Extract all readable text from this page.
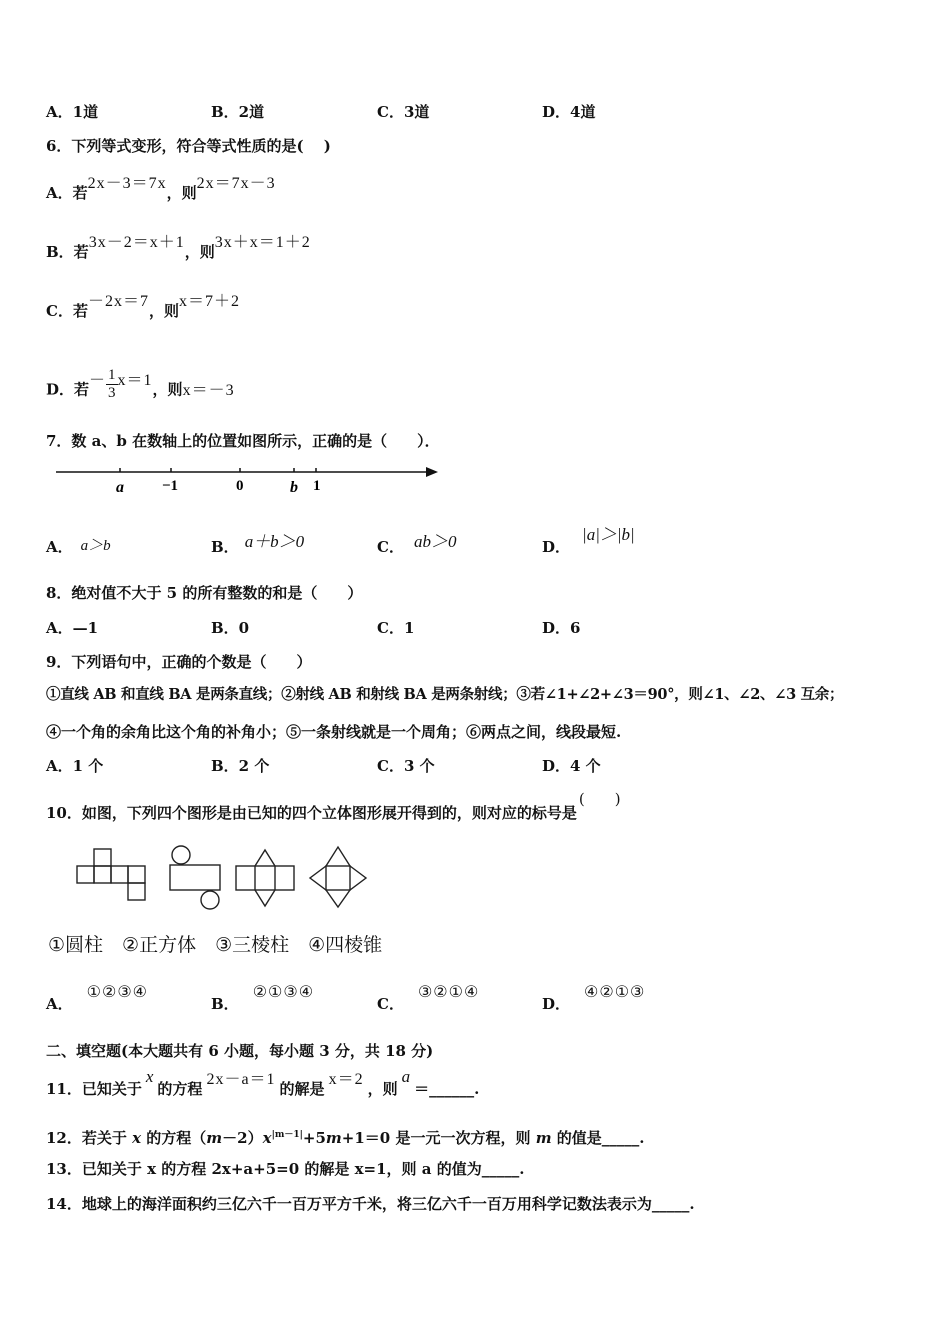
A．1道	B．2道	C．3道	D．4道
6．下列等式变形，符合等式性质的是(　 )
A．若2x－3＝7x，则2x＝7x－3
B．若3x－2＝x＋1，则3x＋x＝1＋2
C．若－2x＝7，则x＝7＋2
D．若－ $\frac{1}{3} x=1$，则x＝－3
7．数 a、b 在数轴上的位置如图所示，正确的是（　　）．
a	−1	0	b 1
A． a＞b	B． a＋b＞0	C． ab＞0	D．|a|＞|b|
8．绝对值不大于 5 的所有整数的和是（　　）
A．—1	B．0	C．1	D．6
9．下列语句中，正确的个数是（　　）
①直线 AB 和直线 BA 是两条直线；②射线 AB 和射线 BA 是两条射线；③若∠1+∠2+∠3＝90°，则∠1、∠2、∠3 互余；
④一个角的余角比这个角的补角小；⑤一条射线就是一个周角；⑥两点之间，线段最短.
A．1 个	B．2 个	C．3 个	D．4 个
10．如图，下列四个图形是由已知的四个立体图形展开得到的，则对应的标号是(　　)
①圆柱　②正方体　③三棱柱　④四棱锥
A．①②③④
B．②①③④
C．③②①④
D．④②①③
二、填空题(本大题共有 6 小题，每小题 3 分，共 18 分)
11．已知关于x的方程2x－a＝1的解是x＝2，则a＝______.
12．若关于 x 的方程$(m-2)x^{|m-1|}+5m+1=0$ 是一元一次方程，则 m 的值是_____.
13．已知关于 x 的方程 2x+a+5=0 的解是 x=1，则 a 的值为_____.
14．地球上的海洋面积约三亿六千一百万平方千米，将三亿六千一百万用科学记数法表示为_____.
